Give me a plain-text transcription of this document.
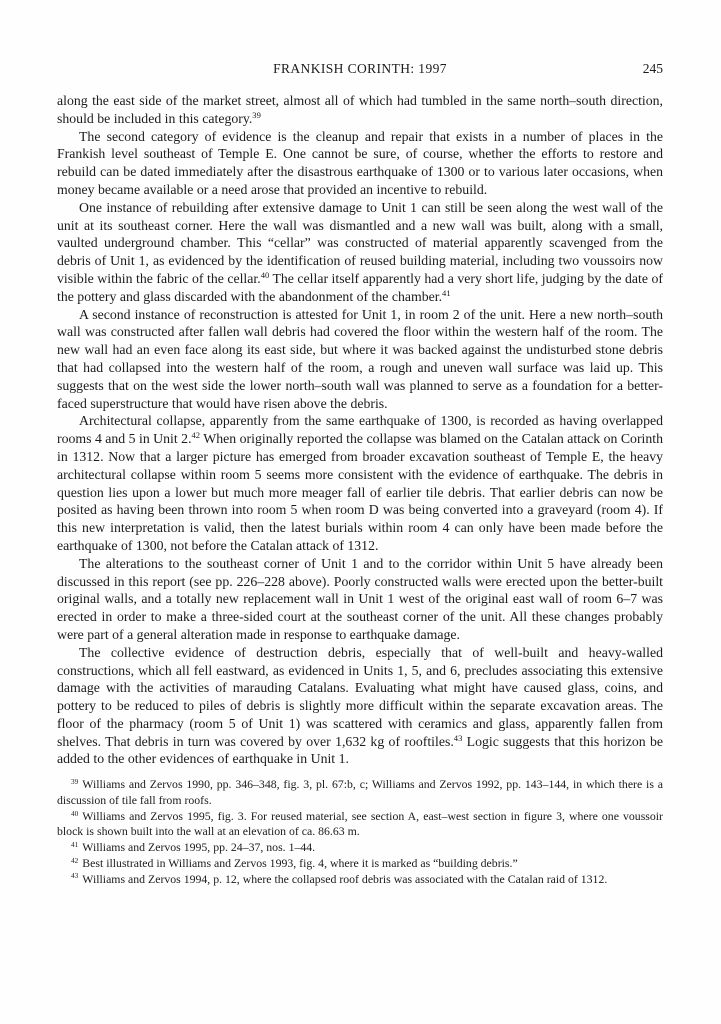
FRANKISH CORINTH: 1997	245

along the east side of the market street, almost all of which had tumbled in the same north–south direction, should be included in this category.$^{39}$

The second category of evidence is the cleanup and repair that exists in a number of places in the Frankish level southeast of Temple E. One cannot be sure, of course, whether the efforts to restore and rebuild can be dated immediately after the disastrous earthquake of 1300 or to various later occasions, when money became available or a need arose that provided an incentive to rebuild.

One instance of rebuilding after extensive damage to Unit 1 can still be seen along the west wall of the unit at its southeast corner. Here the wall was dismantled and a new wall was built, along with a small, vaulted underground chamber. This “cellar” was constructed of material apparently scavenged from the debris of Unit 1, as evidenced by the identification of reused building material, including two voussoirs now visible within the fabric of the cellar.$^{40}$ The cellar itself apparently had a very short life, judging by the date of the pottery and glass discarded with the abandonment of the chamber.$^{41}$

A second instance of reconstruction is attested for Unit 1, in room 2 of the unit. Here a new north–south wall was constructed after fallen wall debris had covered the floor within the western half of the room. The new wall had an even face along its east side, but where it was backed against the undisturbed stone debris that had collapsed into the western half of the room, a rough and uneven wall surface was laid up. This suggests that on the west side the lower north–south wall was planned to serve as a foundation for a better-faced superstructure that would have risen above the debris.

Architectural collapse, apparently from the same earthquake of 1300, is recorded as having overlapped rooms 4 and 5 in Unit 2.42 When originally reported the collapse was blamed on the Catalan attack on Corinth in 1312. Now that a larger picture has emerged from broader excavation southeast of Temple E, the heavy architectural collapse within room 5 seems more consistent with the evidence of earthquake. The debris in question lies upon a lower but much more meager fall of earlier tile debris. That earlier debris can now be posited as having been thrown into room 5 when room D was being converted into a graveyard (room 4). If this new interpretation is valid, then the latest burials within room 4 can only have been made before the earthquake of 1300, not before the Catalan attack of 1312.

The alterations to the southeast corner of Unit 1 and to the corridor within Unit 5 have already been discussed in this report (see pp. 226–228 above). Poorly constructed walls were erected upon the better-built original walls, and a totally new replacement wall in Unit 1 west of the original east wall of room 6–7 was erected in order to make a three-sided court at the southeast corner of the unit. All these changes probably were part of a general alteration made in response to earthquake damage.

The collective evidence of destruction debris, especially that of well-built and heavy-walled constructions, which all fell eastward, as evidenced in Units 1, 5, and 6, precludes associating this extensive damage with the activities of marauding Catalans. Evaluating what might have caused glass, coins, and pottery to be reduced to piles of debris is slightly more difficult within the separate excavation areas. The floor of the pharmacy (room 5 of Unit 1) was scattered with ceramics and glass, apparently fallen from shelves. That debris in turn was covered by over 1,632 kg of rooftiles.$^{43}$ Logic suggests that this horizon be added to the other evidences of earthquake in Unit 1.

$^{39}$ Williams and Zervos 1990, pp. 346–348, fig. 3, pl. 67:b, c; Williams and Zervos 1992, pp. 143–144, in which there is a discussion of tile fall from roofs.

$^{40}$ Williams and Zervos 1995, fig. 3. For reused material, see section A, east–west section in figure 3, where one voussoir block is shown built into the wall at an elevation of ca. 86.63 m.

$^{41}$ Williams and Zervos 1995, pp. 24–37, nos. 1–44.

$^{42}$ Best illustrated in Williams and Zervos 1993, fig. 4, where it is marked as “building debris.”

$^{43}$ Williams and Zervos 1994, p. 12, where the collapsed roof debris was associated with the Catalan raid of 1312.
